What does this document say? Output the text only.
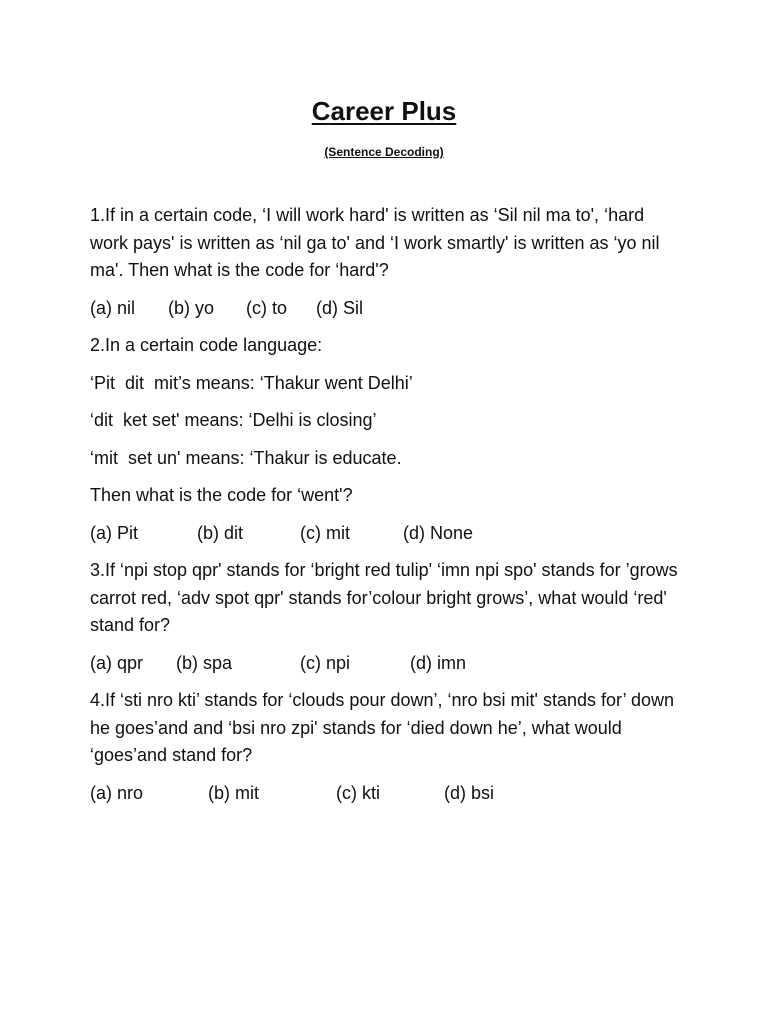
Career Plus
(Sentence Decoding)

1.If in a certain code, ‘I will work hard' is written as ‘Sil nil ma to', ‘hard work pays' is written as ‘nil ga to' and ‘I work smartly' is written as ‘yo nil ma'. Then what is the code for ‘hard'?

(a) nil	(b) yo	(c) to	(d) Sil

2.In a certain code language:

‘Pit  dit  mit’s means: ‘Thakur went Delhi’

‘dit  ket set' means: ‘Delhi is closing’

‘mit  set un' means: ‘Thakur is educate.

Then what is the code for ‘went'?

(a) Pit	(b) dit	(c) mit	(d) None

3.If ‘npi stop qpr' stands for ‘bright red tulip' ‘imn npi spo' stands for ’grows carrot red, ‘adv spot qpr' stands for’colour bright grows’, what would ‘red' stand for?

(a) qpr	(b) spa	(c) npi	(d) imn

4.If ‘sti nro kti’ stands for ‘clouds pour down’, ‘nro bsi mit' stands for’ down he goes’and and ‘bsi nro zpi' stands for ‘died down he’, what would ‘goes’and stand for?

(a) nro	(b) mit	(c) kti	(d) bsi
